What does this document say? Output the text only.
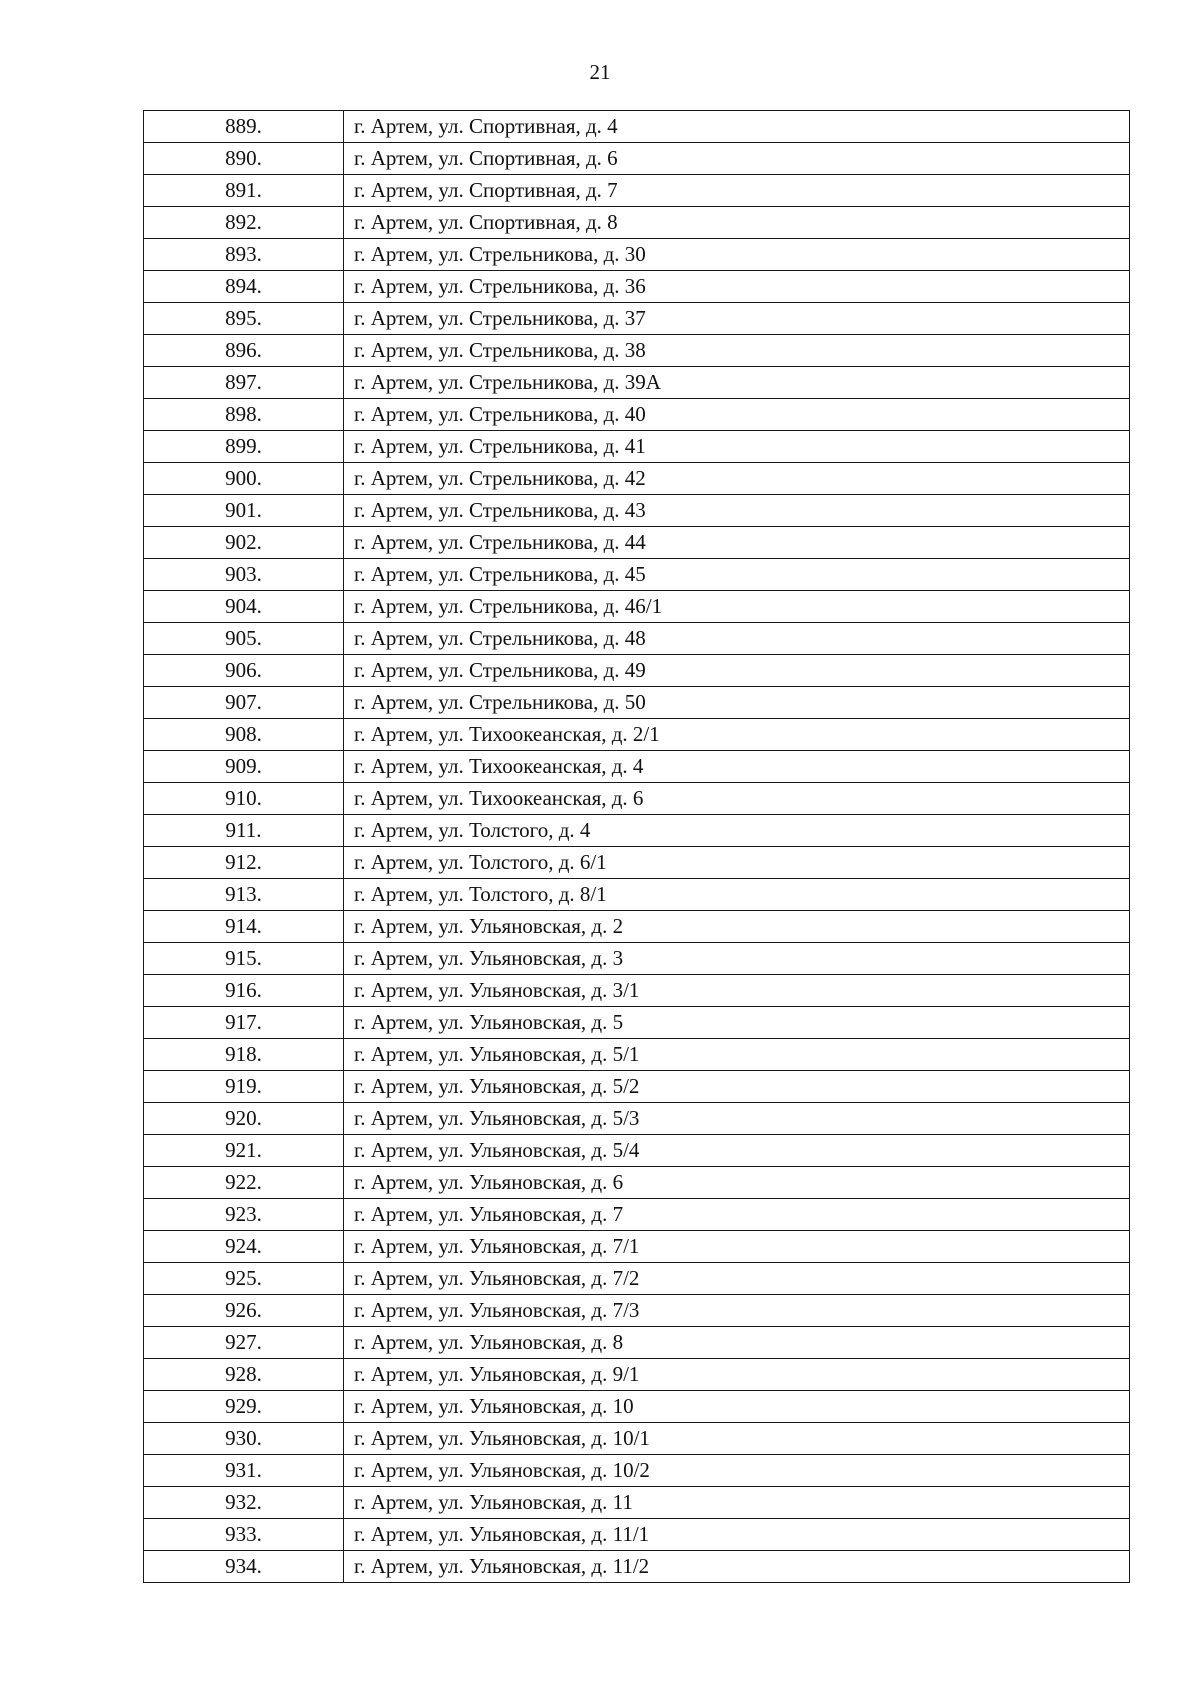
21
889.	г. Артем, ул. Спортивная, д. 4
890.	г. Артем, ул. Спортивная, д. 6
891.	г. Артем, ул. Спортивная, д. 7
892.	г. Артем, ул. Спортивная, д. 8
893.	г. Артем, ул. Стрельникова, д. 30
894.	г. Артем, ул. Стрельникова, д. 36
895.	г. Артем, ул. Стрельникова, д. 37
896.	г. Артем, ул. Стрельникова, д. 38
897.	г. Артем, ул. Стрельникова, д. 39А
898.	г. Артем, ул. Стрельникова, д. 40
899.	г. Артем, ул. Стрельникова, д. 41
900.	г. Артем, ул. Стрельникова, д. 42
901.	г. Артем, ул. Стрельникова, д. 43
902.	г. Артем, ул. Стрельникова, д. 44
903.	г. Артем, ул. Стрельникова, д. 45
904.	г. Артем, ул. Стрельникова, д. 46/1
905.	г. Артем, ул. Стрельникова, д. 48
906.	г. Артем, ул. Стрельникова, д. 49
907.	г. Артем, ул. Стрельникова, д. 50
908.	г. Артем, ул. Тихоокеанская, д. 2/1
909.	г. Артем, ул. Тихоокеанская, д. 4
910.	г. Артем, ул. Тихоокеанская, д. 6
911.	г. Артем, ул. Толстого, д. 4
912.	г. Артем, ул. Толстого, д. 6/1
913.	г. Артем, ул. Толстого, д. 8/1
914.	г. Артем, ул. Ульяновская, д. 2
915.	г. Артем, ул. Ульяновская, д. 3
916.	г. Артем, ул. Ульяновская, д. 3/1
917.	г. Артем, ул. Ульяновская, д. 5
918.	г. Артем, ул. Ульяновская, д. 5/1
919.	г. Артем, ул. Ульяновская, д. 5/2
920.	г. Артем, ул. Ульяновская, д. 5/3
921.	г. Артем, ул. Ульяновская, д. 5/4
922.	г. Артем, ул. Ульяновская, д. 6
923.	г. Артем, ул. Ульяновская, д. 7
924.	г. Артем, ул. Ульяновская, д. 7/1
925.	г. Артем, ул. Ульяновская, д. 7/2
926.	г. Артем, ул. Ульяновская, д. 7/3
927.	г. Артем, ул. Ульяновская, д. 8
928.	г. Артем, ул. Ульяновская, д. 9/1
929.	г. Артем, ул. Ульяновская, д. 10
930.	г. Артем, ул. Ульяновская, д. 10/1
931.	г. Артем, ул. Ульяновская, д. 10/2
932.	г. Артем, ул. Ульяновская, д. 11
933.	г. Артем, ул. Ульяновская, д. 11/1
934.	г. Артем, ул. Ульяновская, д. 11/2
